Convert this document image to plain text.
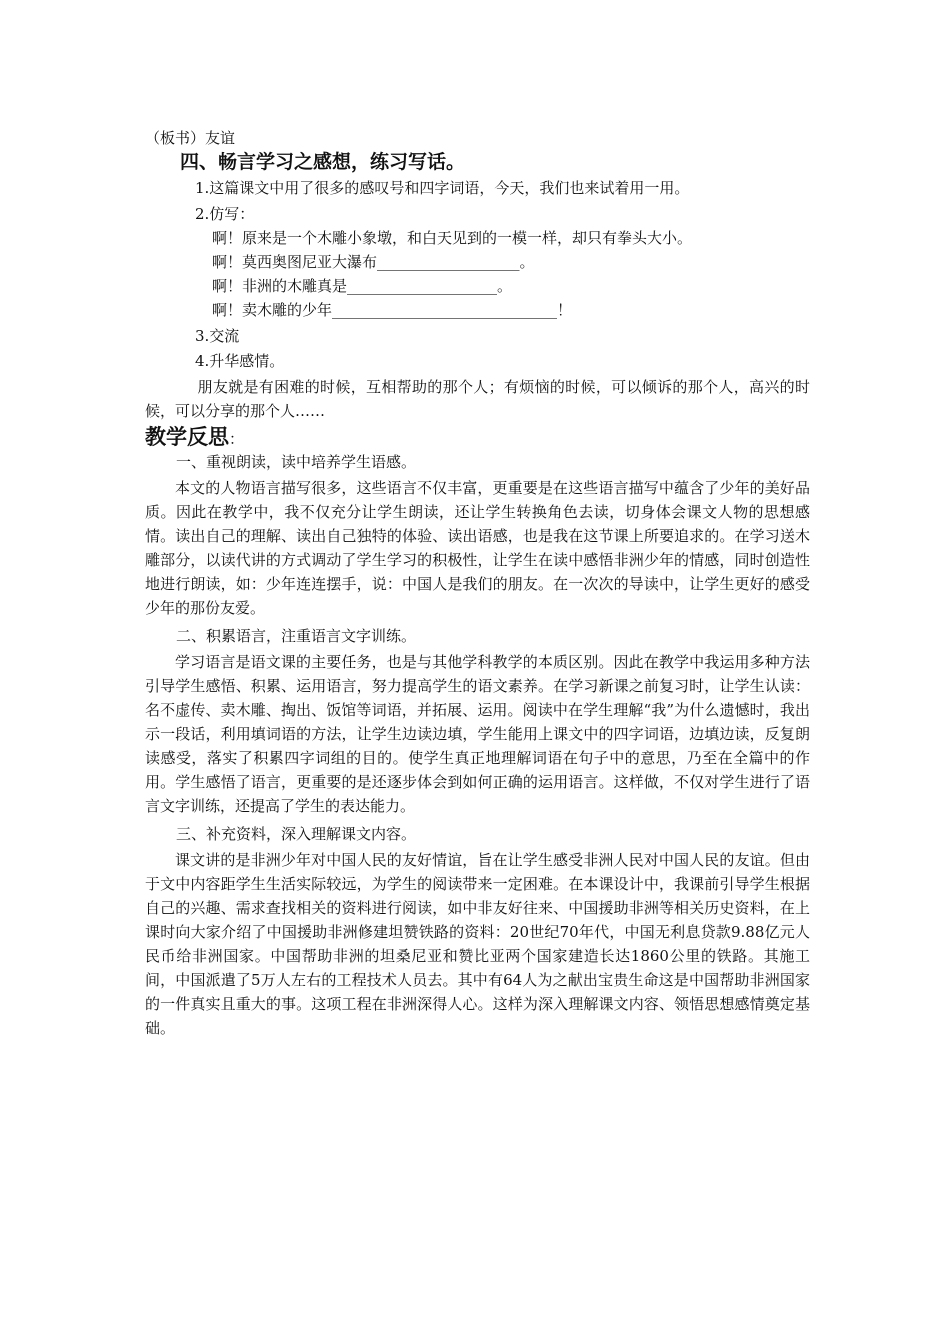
（板书）友谊
四、畅言学习之感想，练习写话。
1.这篇课文中用了很多的感叹号和四字词语，今天，我们也来试着用一用。
2.仿写：
啊！原来是一个木雕小象墩，和白天见到的一模一样，却只有拳头大小。
啊！莫西奥图尼亚大瀑布___________________。
啊！非洲的木雕真是____________________。
啊！卖木雕的少年______________________________！
3.交流
4.升华感情。
朋友就是有困难的时候，互相帮助的那个人；有烦恼的时候，可以倾诉的那个人，高兴的时候，可以分享的那个人……
教学反思：
一、重视朗读，读中培养学生语感。
本文的人物语言描写很多，这些语言不仅丰富，更重要是在这些语言描写中蕴含了少年的美好品质。因此在教学中，我不仅充分让学生朗读，还让学生转换角色去读，切身体会课文人物的思想感情。读出自己的理解、读出自己独特的体验、读出语感，也是我在这节课上所要追求的。在学习送木雕部分，以读代讲的方式调动了学生学习的积极性，让学生在读中感悟非洲少年的情感，同时创造性地进行朗读，如：少年连连摆手，说：中国人是我们的朋友。在一次次的导读中，让学生更好的感受少年的那份友爱。
二、积累语言，注重语言文字训练。
学习语言是语文课的主要任务，也是与其他学科教学的本质区别。因此在教学中我运用多种方法引导学生感悟、积累、运用语言，努力提高学生的语文素养。在学习新课之前复习时，让学生认读：名不虚传、卖木雕、掏出、饭馆等词语，并拓展、运用。阅读中在学生理解“我”为什么遗憾时，我出示一段话，利用填词语的方法，让学生边读边填，学生能用上课文中的四字词语，边填边读，反复朗读感受，落实了积累四字词组的目的。使学生真正地理解词语在句子中的意思，乃至在全篇中的作用。学生感悟了语言，更重要的是还逐步体会到如何正确的运用语言。这样做，不仅对学生进行了语言文字训练，还提高了学生的表达能力。
三、补充资料，深入理解课文内容。
课文讲的是非洲少年对中国人民的友好情谊，旨在让学生感受非洲人民对中国人民的友谊。但由于文中内容距学生生活实际较远，为学生的阅读带来一定困难。在本课设计中，我课前引导学生根据自己的兴趣、需求查找相关的资料进行阅读，如中非友好往来、中国援助非洲等相关历史资料，在上课时向大家介绍了中国援助非洲修建坦赞铁路的资料：20世纪70年代，中国无利息贷款9.88亿元人民币给非洲国家。中国帮助非洲的坦桑尼亚和赞比亚两个国家建造长达1860公里的铁路。其施工间，中国派遣了5万人左右的工程技术人员去。其中有64人为之献出宝贵生命这是中国帮助非洲国家的一件真实且重大的事。这项工程在非洲深得人心。这样为深入理解课文内容、领悟思想感情奠定基础。
